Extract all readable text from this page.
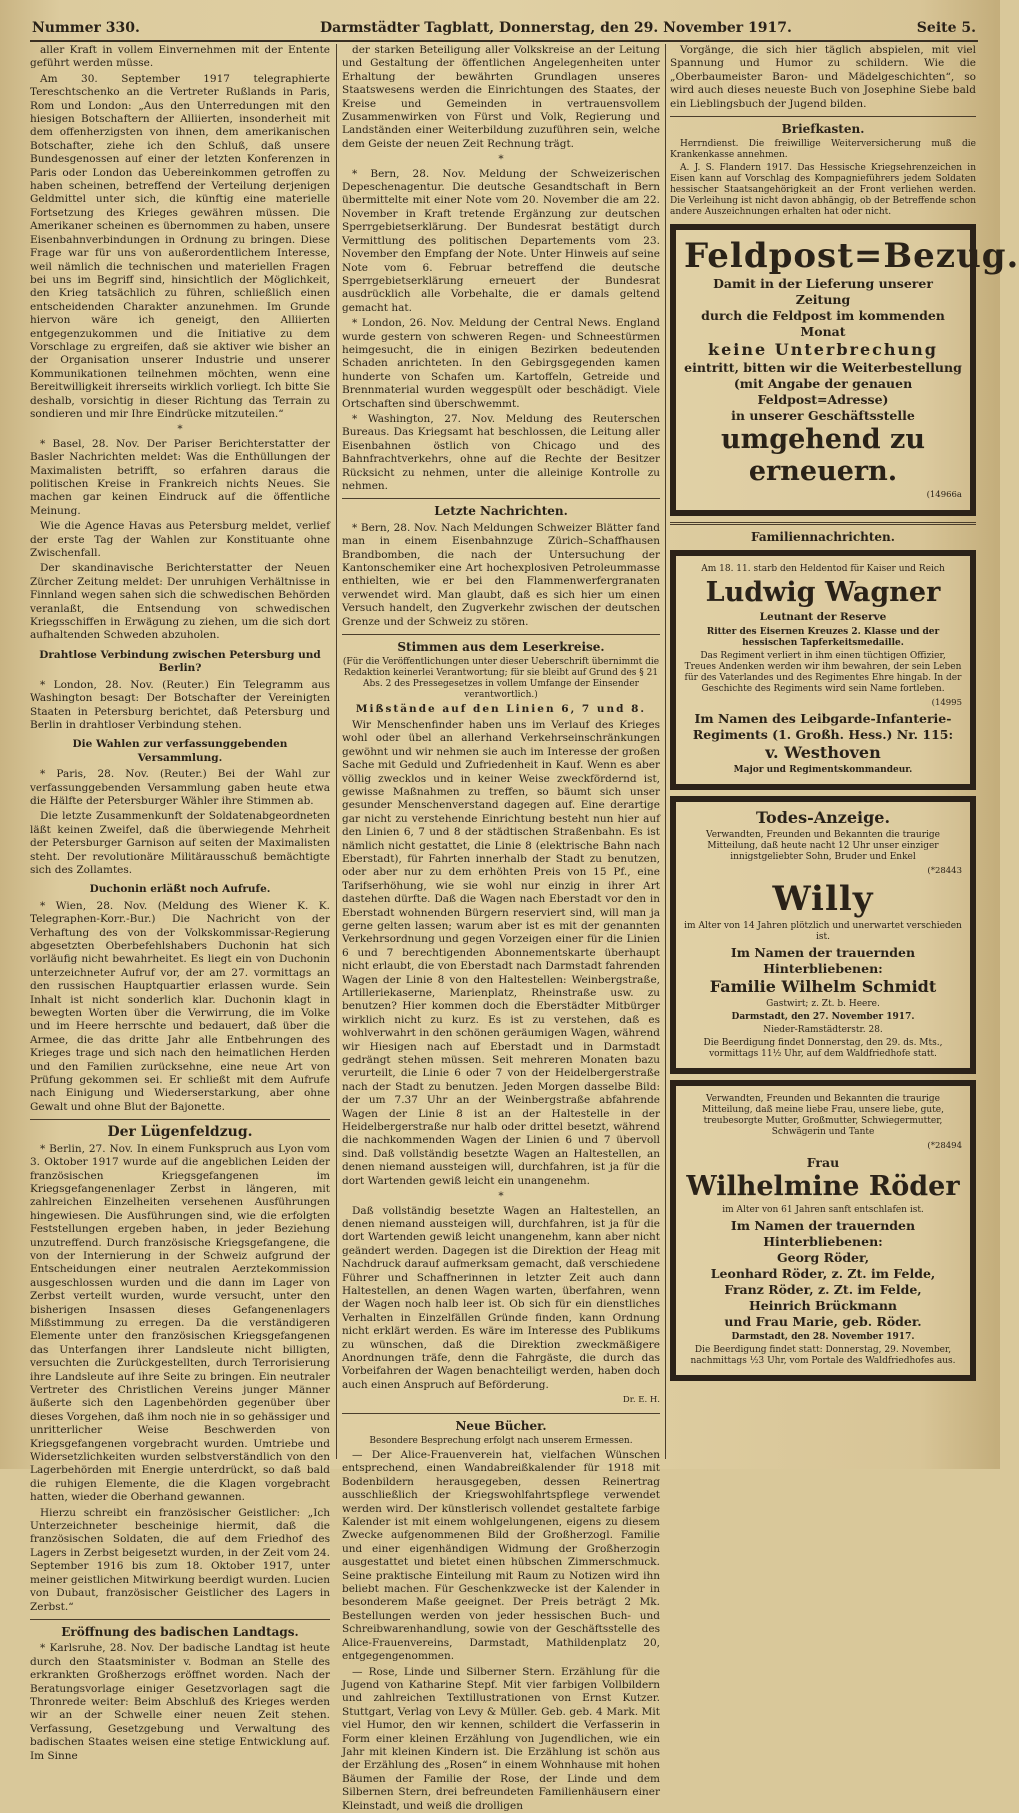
Nummer 330.	Darmstädter Tagblatt, Donnerstag, den 29. November 1917.	Seite 5.

aller Kraft in vollem Einvernehmen mit der Entente geführt werden müsse.

Am 30. September 1917 telegraphierte Tereschtschenko an die Vertreter Rußlands in Paris, Rom und London: „Aus den Unterredungen mit den hiesigen Botschaftern der Alliierten, insonderheit mit dem offenherzigsten von ihnen, dem amerikanischen Botschafter, ziehe ich den Schluß, daß unsere Bundesgenossen auf einer der letzten Konferenzen in Paris oder London das Uebereinkommen getroffen zu haben scheinen, betreffend der Verteilung derjenigen Geldmittel unter sich, die künftig eine materielle Fortsetzung des Krieges gewähren müssen. Die Amerikaner scheinen es übernommen zu haben, unsere Eisenbahnverbindungen in Ordnung zu bringen. Diese Frage war für uns von außerordentlichem Interesse, weil nämlich die technischen und materiellen Fragen bei uns im Begriff sind, hinsichtlich der Möglichkeit, den Krieg tatsächlich zu führen, schließlich einen entscheidenden Charakter anzunehmen. Im Grunde hiervon wäre ich geneigt, den Alliierten entgegenzukommen und die Initiative zu dem Vorschlage zu ergreifen, daß sie aktiver wie bisher an der Organisation unserer Industrie und unserer Kommunikationen teilnehmen möchten, wenn eine Bereitwilligkeit ihrerseits wirklich vorliegt. Ich bitte Sie deshalb, vorsichtig in dieser Richtung das Terrain zu sondieren und mir Ihre Eindrücke mitzuteilen.“

*

* Basel, 28. Nov. Der Pariser Berichterstatter der Basler Nachrichten meldet: Was die Enthüllungen der Maximalisten betrifft, so erfahren daraus die politischen Kreise in Frankreich nichts Neues. Sie machen gar keinen Eindruck auf die öffentliche Meinung.

Wie die Agence Havas aus Petersburg meldet, verlief der erste Tag der Wahlen zur Konstituante ohne Zwischenfall.

Der skandinavische Berichterstatter der Neuen Zürcher Zeitung meldet: Der unruhigen Verhältnisse in Finnland wegen sahen sich die schwedischen Behörden veranlaßt, die Entsendung von schwedischen Kriegsschiffen in Erwägung zu ziehen, um die sich dort aufhaltenden Schweden abzuholen.

Drahtlose Verbindung zwischen Petersburg und Berlin?

* London, 28. Nov. (Reuter.) Ein Telegramm aus Washington besagt: Der Botschafter der Vereinigten Staaten in Petersburg berichtet, daß Petersburg und Berlin in drahtloser Verbindung stehen.

Die Wahlen zur verfassunggebenden Versammlung.

* Paris, 28. Nov. (Reuter.) Bei der Wahl zur verfassunggebenden Versammlung gaben heute etwa die Hälfte der Petersburger Wähler ihre Stimmen ab.

Die letzte Zusammenkunft der Soldatenabgeordneten läßt keinen Zweifel, daß die überwiegende Mehrheit der Petersburger Garnison auf seiten der Maximalisten steht. Der revolutionäre Militärausschuß bemächtigte sich des Zollamtes.

Duchonin erläßt noch Aufrufe.

* Wien, 28. Nov. (Meldung des Wiener K. K. Telegraphen-Korr.-Bur.) Die Nachricht von der Verhaftung des von der Volkskommissar-Regierung abgesetzten Oberbefehlshabers Duchonin hat sich vorläufig nicht bewahrheitet. Es liegt ein von Duchonin unterzeichneter Aufruf vor, der am 27. vormittags an den russischen Hauptquartier erlassen wurde. Sein Inhalt ist nicht sonderlich klar. Duchonin klagt in bewegten Worten über die Verwirrung, die im Volke und im Heere herrschte und bedauert, daß über die Armee, die das dritte Jahr alle Entbehrungen des Krieges trage und sich nach den heimatlichen Herden und den Familien zurücksehne, eine neue Art von Prüfung gekommen sei. Er schließt mit dem Aufrufe nach Einigung und Wiederserstarkung, aber ohne Gewalt und ohne Blut der Bajonette.

Der Lügenfeldzug.

* Berlin, 27. Nov. In einem Funkspruch aus Lyon vom 3. Oktober 1917 wurde auf die angeblichen Leiden der französischen Kriegsgefangenen im Kriegsgefangenenlager Zerbst in längeren, mit zahlreichen Einzelheiten versehenen Ausführungen hingewiesen. Die Ausführungen sind, wie die erfolgten Feststellungen ergeben haben, in jeder Beziehung unzutreffend. Durch französische Kriegsgefangene, die von der Internierung in der Schweiz aufgrund der Entscheidungen einer neutralen Aerztekommission ausgeschlossen wurden und die dann im Lager von Zerbst verteilt wurden, wurde versucht, unter den bisherigen Insassen dieses Gefangenenlagers Mißstimmung zu erregen. Da die verständigeren Elemente unter den französischen Kriegsgefangenen das Unterfangen ihrer Landsleute nicht billigten, versuchten die Zurückgestellten, durch Terrorisierung ihre Landsleute auf ihre Seite zu bringen. Ein neutraler Vertreter des Christlichen Vereins junger Männer äußerte sich den Lagenbehörden gegenüber über dieses Vorgehen, daß ihm noch nie in so gehässiger und unritterlicher Weise Beschwerden von Kriegsgefangenen vorgebracht wurden. Umtriebe und Widersetzlichkeiten wurden selbstverständlich von den Lagerbehörden mit Energie unterdrückt, so daß bald die ruhigen Elemente, die die Klagen vorgebracht hatten, wieder die Oberhand gewannen.

Hierzu schreibt ein französischer Geistlicher: „Ich Unterzeichneter bescheinige hiermit, daß die französischen Soldaten, die auf dem Friedhof des Lagers in Zerbst beigesetzt wurden, in der Zeit vom 24. September 1916 bis zum 18. Oktober 1917, unter meiner geistlichen Mitwirkung beerdigt wurden. Lucien von Dubaut, französischer Geistlicher des Lagers in Zerbst.“

Eröffnung des badischen Landtags.

* Karlsruhe, 28. Nov. Der badische Landtag ist heute durch den Staatsminister v. Bodman an Stelle des erkrankten Großherzogs eröffnet worden. Nach der Beratungsvorlage einiger Gesetzvorlagen sagt die Thronrede weiter: Beim Abschluß des Krieges werden wir an der Schwelle einer neuen Zeit stehen. Verfassung, Gesetzgebung und Verwaltung des badischen Staates weisen eine stetige Entwicklung auf. Im Sinne

der starken Beteiligung aller Volkskreise an der Leitung und Gestaltung der öffentlichen Angelegenheiten unter Erhaltung der bewährten Grundlagen unseres Staatswesens werden die Einrichtungen des Staates, der Kreise und Gemeinden in vertrauensvollem Zusammenwirken von Fürst und Volk, Regierung und Landständen einer Weiterbildung zuzuführen sein, welche dem Geiste der neuen Zeit Rechnung trägt.

*

* Bern, 28. Nov. Meldung der Schweizerischen Depeschenagentur. Die deutsche Gesandtschaft in Bern übermittelte mit einer Note vom 20. November die am 22. November in Kraft tretende Ergänzung zur deutschen Sperrgebietserklärung. Der Bundesrat bestätigt durch Vermittlung des politischen Departements vom 23. November den Empfang der Note. Unter Hinweis auf seine Note vom 6. Februar betreffend die deutsche Sperrgebietserklärung erneuert der Bundesrat ausdrücklich alle Vorbehalte, die er damals geltend gemacht hat.

* London, 26. Nov. Meldung der Central News. England wurde gestern von schweren Regen- und Schneestürmen heimgesucht, die in einigen Bezirken bedeutenden Schaden anrichteten. In den Gebirgsgegenden kamen hunderte von Schafen um. Kartoffeln, Getreide und Brennmaterial wurden weggespült oder beschädigt. Viele Ortschaften sind überschwemmt.

* Washington, 27. Nov. Meldung des Reuterschen Bureaus. Das Kriegsamt hat beschlossen, die Leitung aller Eisenbahnen östlich von Chicago und des Bahnfrachtverkehrs, ohne auf die Rechte der Besitzer Rücksicht zu nehmen, unter die alleinige Kontrolle zu nehmen.

Letzte Nachrichten.

* Bern, 28. Nov. Nach Meldungen Schweizer Blätter fand man in einem Eisenbahnzuge Zürich–Schaffhausen Brandbomben, die nach der Untersuchung der Kantonschemiker eine Art hochexplosiven Petroleummasse enthielten, wie er bei den Flammenwerfergranaten verwendet wird. Man glaubt, daß es sich hier um einen Versuch handelt, den Zugverkehr zwischen der deutschen Grenze und der Schweiz zu stören.

Stimmen aus dem Leserkreise.

(Für die Veröffentlichungen unter dieser Ueberschrift übernimmt die Redaktion keinerlei Verantwortung; für sie bleibt auf Grund des § 21 Abs. 2 des Pressegesetzes in vollem Umfange der Einsender verantwortlich.)

Mißstände auf den Linien 6, 7 und 8.

Wir Menschenfinder haben uns im Verlauf des Krieges wohl oder übel an allerhand Verkehrseinschränkungen gewöhnt und wir nehmen sie auch im Interesse der großen Sache mit Geduld und Zufriedenheit in Kauf. Wenn es aber völlig zwecklos und in keiner Weise zweckfördernd ist, gewisse Maßnahmen zu treffen, so bäumt sich unser gesunder Menschenverstand dagegen auf. Eine derartige gar nicht zu verstehende Einrichtung besteht nun hier auf den Linien 6, 7 und 8 der städtischen Straßenbahn. Es ist nämlich nicht gestattet, die Linie 8 (elektrische Bahn nach Eberstadt), für Fahrten innerhalb der Stadt zu benutzen, oder aber nur zu dem erhöhten Preis von 15 Pf., eine Tarifserhöhung, wie sie wohl nur einzig in ihrer Art dastehen dürfte. Daß die Wagen nach Eberstadt vor den in Eberstadt wohnenden Bürgern reserviert sind, will man ja gerne gelten lassen; warum aber ist es mit der genannten Verkehrsordnung und gegen Vorzeigen einer für die Linien 6 und 7 berechtigenden Abonnementskarte überhaupt nicht erlaubt, die von Eberstadt nach Darmstadt fahrenden Wagen der Linie 8 von den Haltestellen: Weinbergstraße, Artilleriekaserne, Marienplatz, Rheinstraße usw. zu benutzen? Hier kommen doch die Eberstädter Mitbürger wirklich nicht zu kurz. Es ist zu verstehen, daß es wohlverwahrt in den schönen geräumigen Wagen, während wir Hiesigen nach auf Eberstadt und in Darmstadt gedrängt stehen müssen. Seit mehreren Monaten bazu verurteilt, die Linie 6 oder 7 von der Heidelbergerstraße nach der Stadt zu benutzen. Jeden Morgen dasselbe Bild: der um 7.37 Uhr an der Weinbergstraße abfahrende Wagen der Linie 8 ist an der Haltestelle in der Heidelbergerstraße nur halb oder drittel besetzt, während die nachkommenden Wagen der Linien 6 und 7 übervoll sind. Daß vollständig besetzte Wagen an Haltestellen, an denen niemand aussteigen will, durchfahren, ist ja für die dort Wartenden gewiß leicht ein unangenehm.

*

Daß vollständig besetzte Wagen an Haltestellen, an denen niemand aussteigen will, durchfahren, ist ja für die dort Wartenden gewiß leicht unangenehm, kann aber nicht geändert werden. Dagegen ist die Direktion der Heag mit Nachdruck darauf aufmerksam gemacht, daß verschiedene Führer und Schaffnerinnen in letzter Zeit auch dann Haltestellen, an denen Wagen warten, überfahren, wenn der Wagen noch halb leer ist. Ob sich für ein dienstliches Verhalten in Einzelfällen Gründe finden, kann Ordnung nicht erklärt werden. Es wäre im Interesse des Publikums zu wünschen, daß die Direktion zweckmäßigere Anordnungen träfe, denn die Fahrgäste, die durch das Vorbeifahren der Wagen benachteiligt werden, haben doch auch einen Anspruch auf Beförderung.

Dr. E. H.
Neue Bücher.

Besondere Besprechung erfolgt nach unserem Ermessen.

— Der Alice-Frauenverein hat, vielfachen Wünschen entsprechend, einen Wandabreißkalender für 1918 mit Bodenbildern herausgegeben, dessen Reinertrag ausschließlich der Kriegswohlfahrtspflege verwendet werden wird. Der künstlerisch vollendet gestaltete farbige Kalender ist mit einem wohlgelungenen, eigens zu diesem Zwecke aufgenommenen Bild der Großherzogl. Familie und einer eigenhändigen Widmung der Großherzogin ausgestattet und bietet einen hübschen Zimmerschmuck. Seine praktische Einteilung mit Raum zu Notizen wird ihn beliebt machen. Für Geschenkzwecke ist der Kalender in besonderem Maße geeignet. Der Preis beträgt 2 Mk. Bestellungen werden von jeder hessischen Buch- und Schreibwarenhandlung, sowie von der Geschäftsstelle des Alice-Frauenvereins, Darmstadt, Mathildenplatz 20, entgegengenommen.

— Rose, Linde und Silberner Stern. Erzählung für die Jugend von Katharine Stepf. Mit vier farbigen Vollbildern und zahlreichen Textillustrationen von Ernst Kutzer. Stuttgart, Verlag von Levy & Müller. Geb. geb. 4 Mark. Mit viel Humor, den wir kennen, schildert die Verfasserin in Form einer kleinen Erzählung von Jugendlichen, wie ein Jahr mit kleinen Kindern ist. Die Erzählung ist schön aus der Erzählung des „Rosen“ in einem Wohnhause mit hohen Bäumen der Familie der Rose, der Linde und dem Silbernen Stern, drei befreundeten Familienhäusern einer Kleinstadt, und weiß die drolligen

Vorgänge, die sich hier täglich abspielen, mit viel Spannung und Humor zu schildern. Wie die „Oberbaumeister Baron- und Mädelgeschichten“, so wird auch dieses neueste Buch von Josephine Siebe bald ein Lieblingsbuch der Jugend bilden.

Briefkasten.

Herrndienst. Die freiwillige Weiterversicherung muß die Krankenkasse annehmen.

A. J. S. Flandern 1917. Das Hessische Kriegsehrenzeichen in Eisen kann auf Vorschlag des Kompagnieführers jedem Soldaten hessischer Staatsangehörigkeit an der Front verliehen werden. Die Verleihung ist nicht davon abhängig, ob der Betreffende schon andere Auszeichnungen erhalten hat oder nicht.

Feldpost=Bezug.
Damit in der Lieferung unserer Zeitung
durch die Feldpost im kommenden Monat
keine Unterbrechung
eintritt, bitten wir die Weiterbestellung
(mit Angabe der genauen Feldpost=Adresse)
in unserer Geschäftsstelle
umgehend zu erneuern.
(14966a
Familiennachrichten.
Am 18. 11. starb den Heldentod für Kaiser und Reich
Ludwig Wagner
Leutnant der Reserve
Ritter des Eisernen Kreuzes 2. Klasse und der hessischen Tapferkeitsmedaille.
Das Regiment verliert in ihm einen tüchtigen Offizier, Treues Andenken werden wir ihm bewahren, der sein Leben für des Vaterlandes und des Regimentes Ehre hingab. In der Geschichte des Regiments wird sein Name fortleben.
(14995
Im Namen des Leibgarde-Infanterie-
Regiments (1. Großh. Hess.) Nr. 115:
v. Westhoven
Major und Regimentskommandeur.
Todes-Anzeige.
Verwandten, Freunden und Bekannten die traurige Mitteilung, daß heute nacht 12 Uhr unser einziger innigstgeliebter Sohn, Bruder und Enkel
(*28443
Willy
im Alter von 14 Jahren plötzlich und unerwartet verschieden ist.
Im Namen der trauernden Hinterbliebenen:
Familie Wilhelm Schmidt
Gastwirt; z. Zt. b. Heere.
Darmstadt, den 27. November 1917.
Nieder-Ramstädterstr. 28.
Die Beerdigung findet Donnerstag, den 29. ds. Mts., vormittags 11½ Uhr, auf dem Waldfriedhofe statt.
Verwandten, Freunden und Bekannten die traurige Mitteilung, daß meine liebe Frau, unsere liebe, gute, treubesorgte Mutter, Großmutter, Schwiegermutter, Schwägerin und Tante
(*28494
Frau
Wilhelmine Röder
im Alter von 61 Jahren sanft entschlafen ist.
Im Namen der trauernden Hinterbliebenen:
Georg Röder,
Leonhard Röder, z. Zt. im Felde,
Franz Röder, z. Zt. im Felde,
Heinrich Brückmann
und Frau Marie, geb. Röder.
Darmstadt, den 28. November 1917.
Die Beerdigung findet statt: Donnerstag, 29. November, nachmittags ½3 Uhr, vom Portale des Waldfriedhofes aus.
